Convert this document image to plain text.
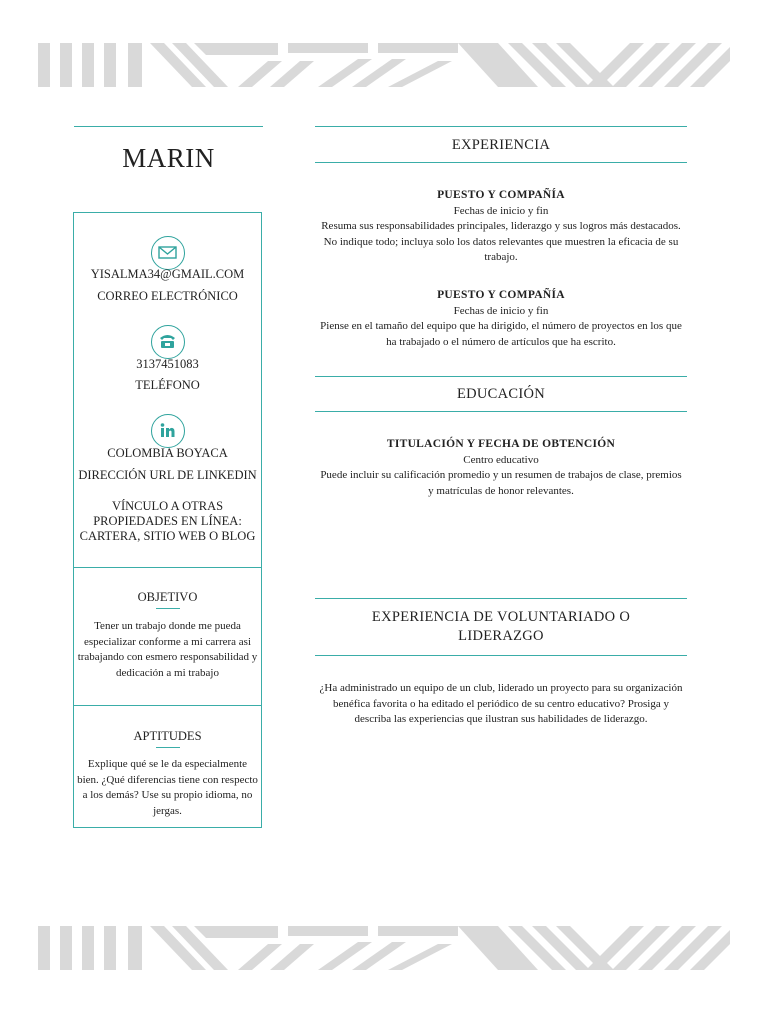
MARIN
YISALMA34@GMAIL.COM
CORREO ELECTRÓNICO
3137451083
TELÉFONO
COLOMBIA BOYACA
DIRECCIÓN URL DE LINKEDIN
VÍNCULO A OTRAS
PROPIEDADES EN LÍNEA:
CARTERA, SITIO WEB O BLOG
OBJETIVO
Tener un trabajo donde me pueda especializar conforme a mi carrera asi trabajando con esmero responsabilidad y dedicación a mi trabajo
APTITUDES
Explique qué se le da especialmente bien. ¿Qué diferencias tiene con respecto a los demás? Use su propio idioma, no jergas.
EXPERIENCIA
PUESTO Y COMPAÑÍA
Fechas de inicio y fin
Resuma sus responsabilidades principales, liderazgo y sus logros más destacados. No indique todo; incluya solo los datos relevantes que muestren la eficacia de su trabajo.
PUESTO Y COMPAÑÍA
Fechas de inicio y fin
Piense en el tamaño del equipo que ha dirigido, el número de proyectos en los que ha trabajado o el número de artículos que ha escrito.
EDUCACIÓN
TITULACIÓN Y FECHA DE OBTENCIÓN
Centro educativo
Puede incluir su calificación promedio y un resumen de trabajos de clase, premios y matrículas de honor relevantes.
EXPERIENCIA DE VOLUNTARIADO O LIDERAZGO
¿Ha administrado un equipo de un club, liderado un proyecto para su organización benéfica favorita o ha editado el periódico de su centro educativo? Prosiga y describa las experiencias que ilustran sus habilidades de liderazgo.
